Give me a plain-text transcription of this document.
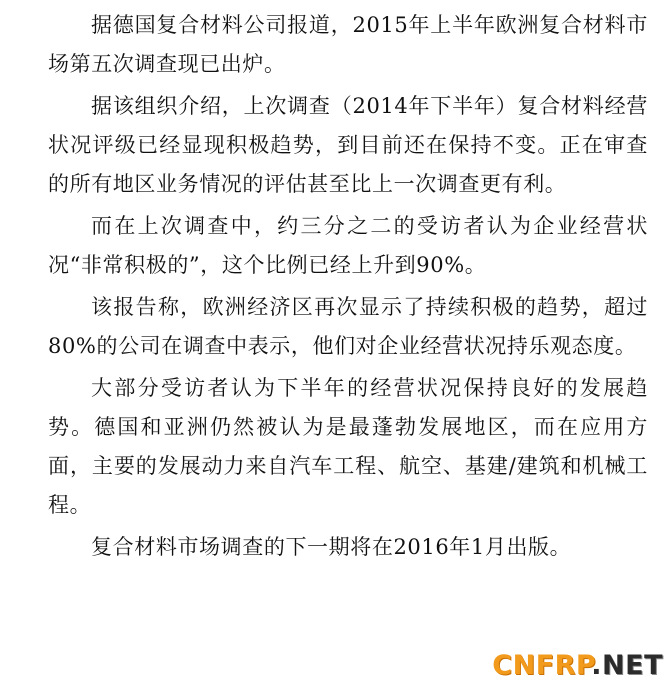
据德国复合材料公司报道，2015年上半年欧洲复合材料市场第五次调查现已出炉。

据该组织介绍，上次调查（2014年下半年）复合材料经营状况评级已经显现积极趋势，到目前还在保持不变。正在审查的所有地区业务情况的评估甚至比上一次调查更有利。

而在上次调查中，约三分之二的受访者认为企业经营状况“非常积极的”，这个比例已经上升到90%。

该报告称，欧洲经济区再次显示了持续积极的趋势，超过80%的公司在调查中表示，他们对企业经营状况持乐观态度。

大部分受访者认为下半年的经营状况保持良好的发展趋势。德国和亚洲仍然被认为是最蓬勃发展地区，而在应用方面，主要的发展动力来自汽车工程、航空、基建/建筑和机械工程。

复合材料市场调查的下一期将在2016年1月出版。

CNFRP.NET
